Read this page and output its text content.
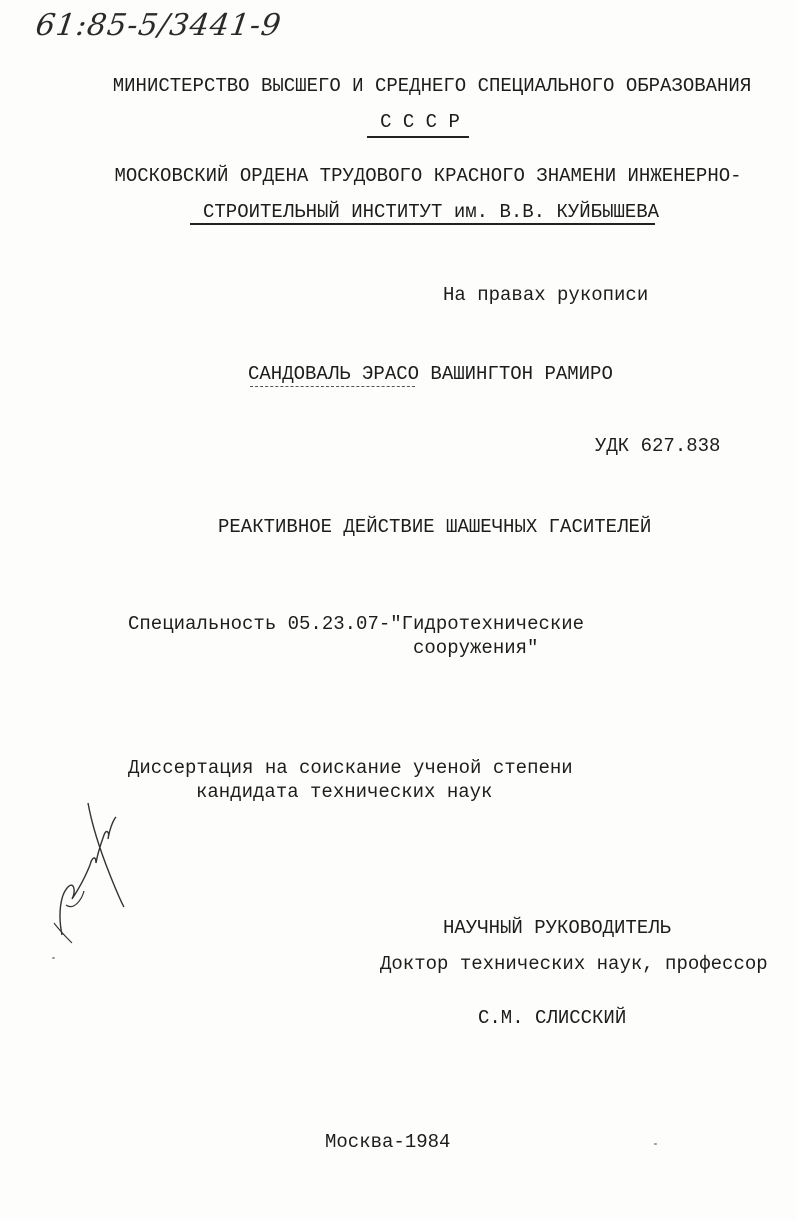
61:85-5/3441-9
МИНИСТЕРСТВО ВЫСШЕГО И СРЕДНЕГО СПЕЦИАЛЬНОГО ОБРАЗОВАНИЯ
С С С Р
МОСКОВСКИЙ ОРДЕНА ТРУДОВОГО КРАСНОГО ЗНАМЕНИ ИНЖЕНЕРНО-
СТРОИТЕЛЬНЫЙ ИНСТИТУТ им. В.В. КУЙБЫШЕВА
На правах рукописи
САНДОВАЛЬ ЭРАСО ВАШИНГТОН РАМИРО
УДК 627.838
РЕАКТИВНОЕ ДЕЙСТВИЕ ШАШЕЧНЫХ ГАСИТЕЛЕЙ
Специальность 05.23.07-"Гидротехнические
сооружения"
Диссертация на соискание ученой степени
кандидата технических наук
НАУЧНЫЙ РУКОВОДИТЕЛЬ
Доктор технических наук, профессор
С.М. СЛИССКИЙ
Москва-1984
